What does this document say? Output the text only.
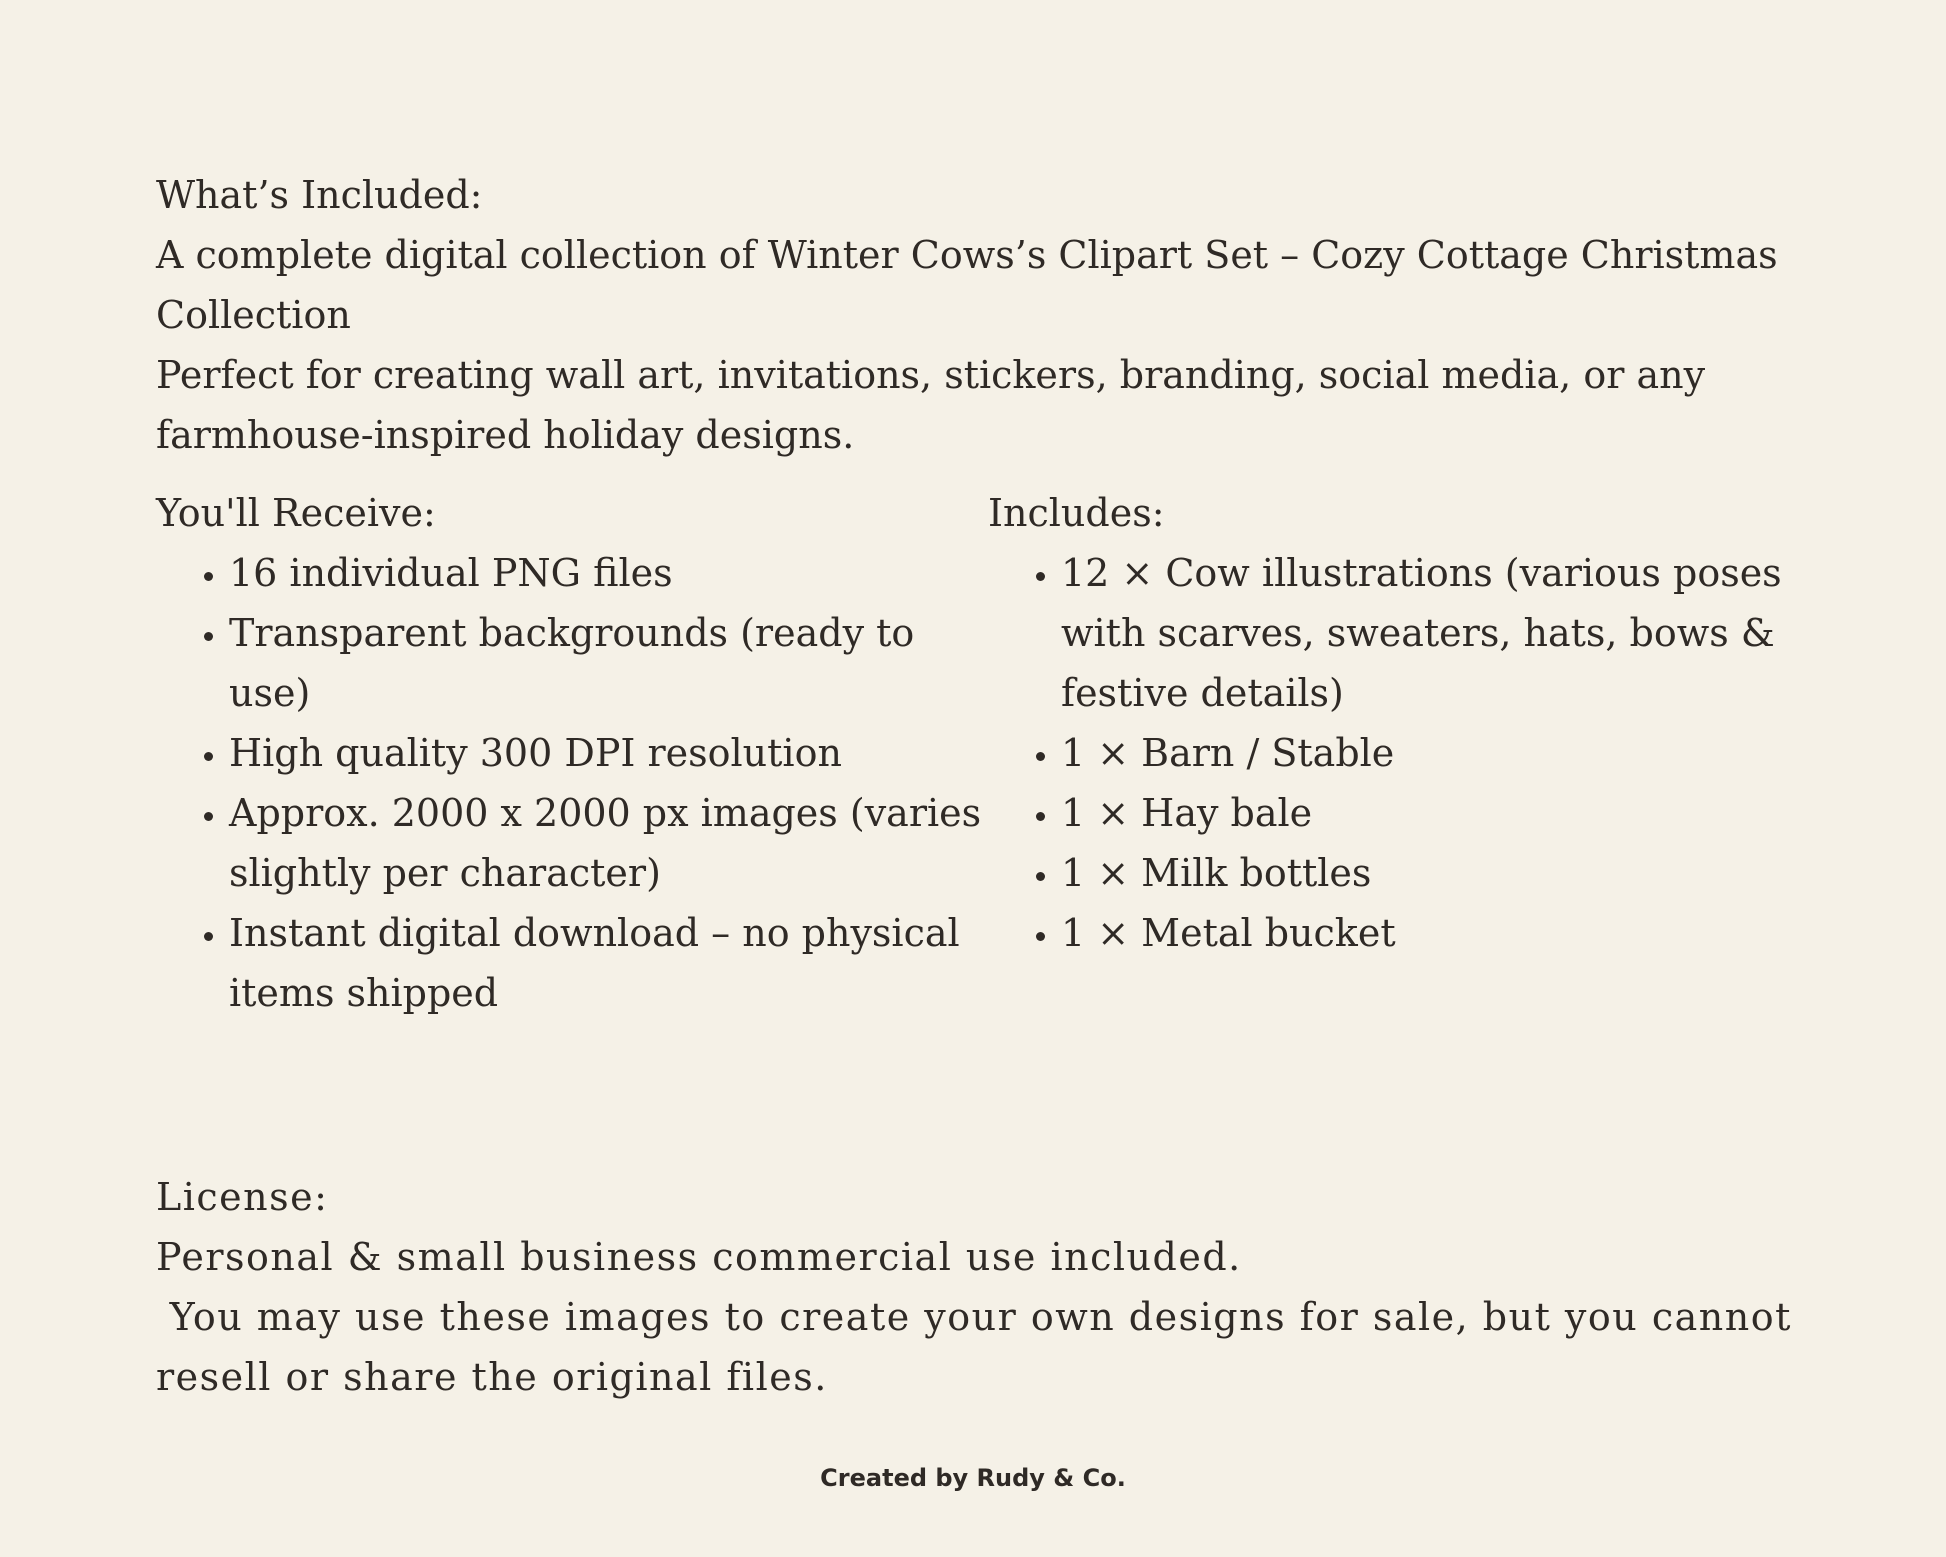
What’s Included:

A complete digital collection of Winter Cows’s Clipart Set – Cozy Cottage Christmas Collection

Perfect for creating wall art, invitations, stickers, branding, social media, or any farmhouse-inspired holiday designs.

You'll Receive:

• 16 individual PNG files
• Transparent backgrounds (ready to use)
• High quality 300 DPI resolution
• Approx. 2000 x 2000 px images (varies slightly per character)
• Instant digital download – no physical items shipped

Includes:

• 12 × Cow illustrations (various poses with scarves, sweaters, hats, bows & festive details)
• 1 × Barn / Stable
• 1 × Hay bale
• 1 × Milk bottles
• 1 × Metal bucket

License:

Personal & small business commercial use included.

You may use these images to create your own designs for sale, but you cannot resell or share the original files.

Created by Rudy & Co.
